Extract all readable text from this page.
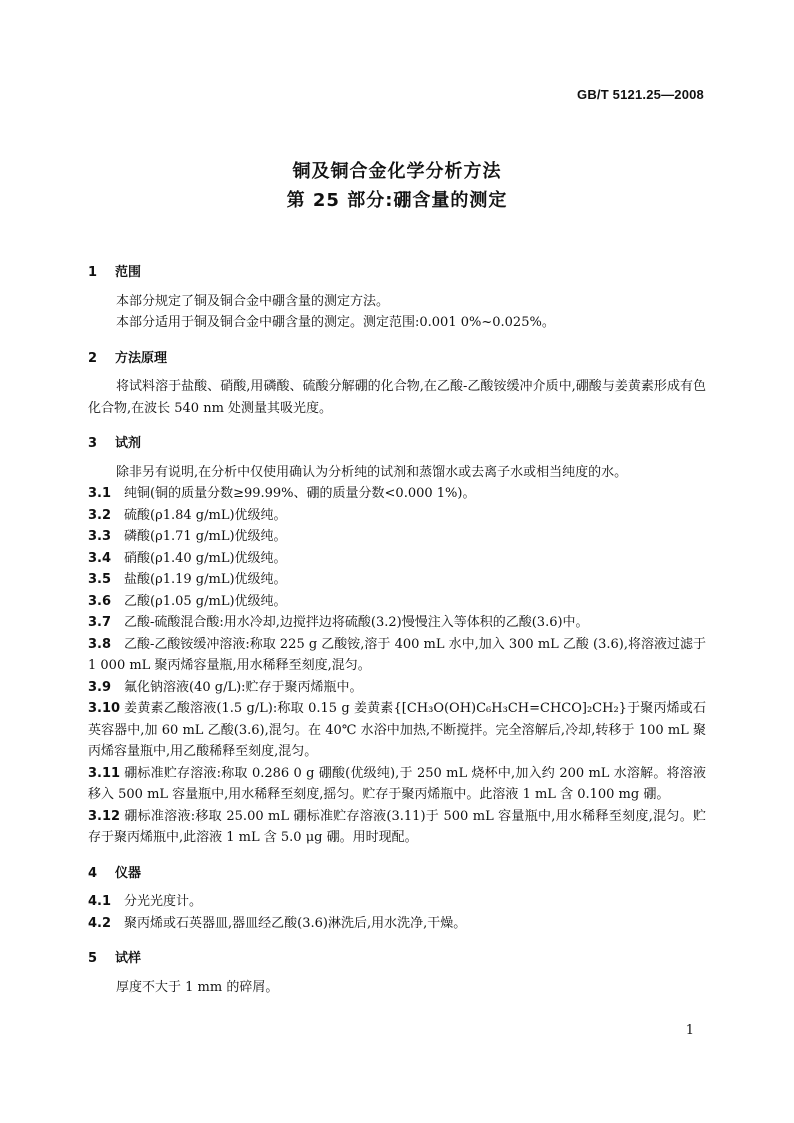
GB/T 5121.25—2008
铜及铜合金化学分析方法
第 25 部分:硼含量的测定
1 范围
本部分规定了铜及铜合金中硼含量的测定方法。
本部分适用于铜及铜合金中硼含量的测定。测定范围:0.001 0%~0.025%。
2 方法原理
将试料溶于盐酸、硝酸,用磷酸、硫酸分解硼的化合物,在乙酸-乙酸铵缓冲介质中,硼酸与姜黄素形成有色化合物,在波长 540 nm 处测量其吸光度。
3 试剂
除非另有说明,在分析中仅使用确认为分析纯的试剂和蒸馏水或去离子水或相当纯度的水。
3.1 纯铜(铜的质量分数≥99.99%、硼的质量分数<0.000 1%)。
3.2 硫酸(ρ1.84 g/mL)优级纯。
3.3 磷酸(ρ1.71 g/mL)优级纯。
3.4 硝酸(ρ1.40 g/mL)优级纯。
3.5 盐酸(ρ1.19 g/mL)优级纯。
3.6 乙酸(ρ1.05 g/mL)优级纯。
3.7 乙酸-硫酸混合酸:用水冷却,边搅拌边将硫酸(3.2)慢慢注入等体积的乙酸(3.6)中。
3.8 乙酸-乙酸铵缓冲溶液:称取 225 g 乙酸铵,溶于 400 mL 水中,加入 300 mL 乙酸 (3.6),将溶液过滤于 1 000 mL 聚丙烯容量瓶,用水稀释至刻度,混匀。
3.9 氟化钠溶液(40 g/L):贮存于聚丙烯瓶中。
3.10 姜黄素乙酸溶液(1.5 g/L):称取 0.15 g 姜黄素{[CH₃O(OH)C₆H₃CH=CHCO]₂CH₂}于聚丙烯或石英容器中,加 60 mL 乙酸(3.6),混匀。在 40℃ 水浴中加热,不断搅拌。完全溶解后,冷却,转移于 100 mL 聚丙烯容量瓶中,用乙酸稀释至刻度,混匀。
3.11 硼标准贮存溶液:称取 0.286 0 g 硼酸(优级纯),于 250 mL 烧杯中,加入约 200 mL 水溶解。将溶液移入 500 mL 容量瓶中,用水稀释至刻度,摇匀。贮存于聚丙烯瓶中。此溶液 1 mL 含 0.100 mg 硼。
3.12 硼标准溶液:移取 25.00 mL 硼标准贮存溶液(3.11)于 500 mL 容量瓶中,用水稀释至刻度,混匀。贮存于聚丙烯瓶中,此溶液 1 mL 含 5.0 μg 硼。用时现配。
4 仪器
4.1 分光光度计。
4.2 聚丙烯或石英器皿,器皿经乙酸(3.6)淋洗后,用水洗净,干燥。
5 试样
厚度不大于 1 mm 的碎屑。
1
